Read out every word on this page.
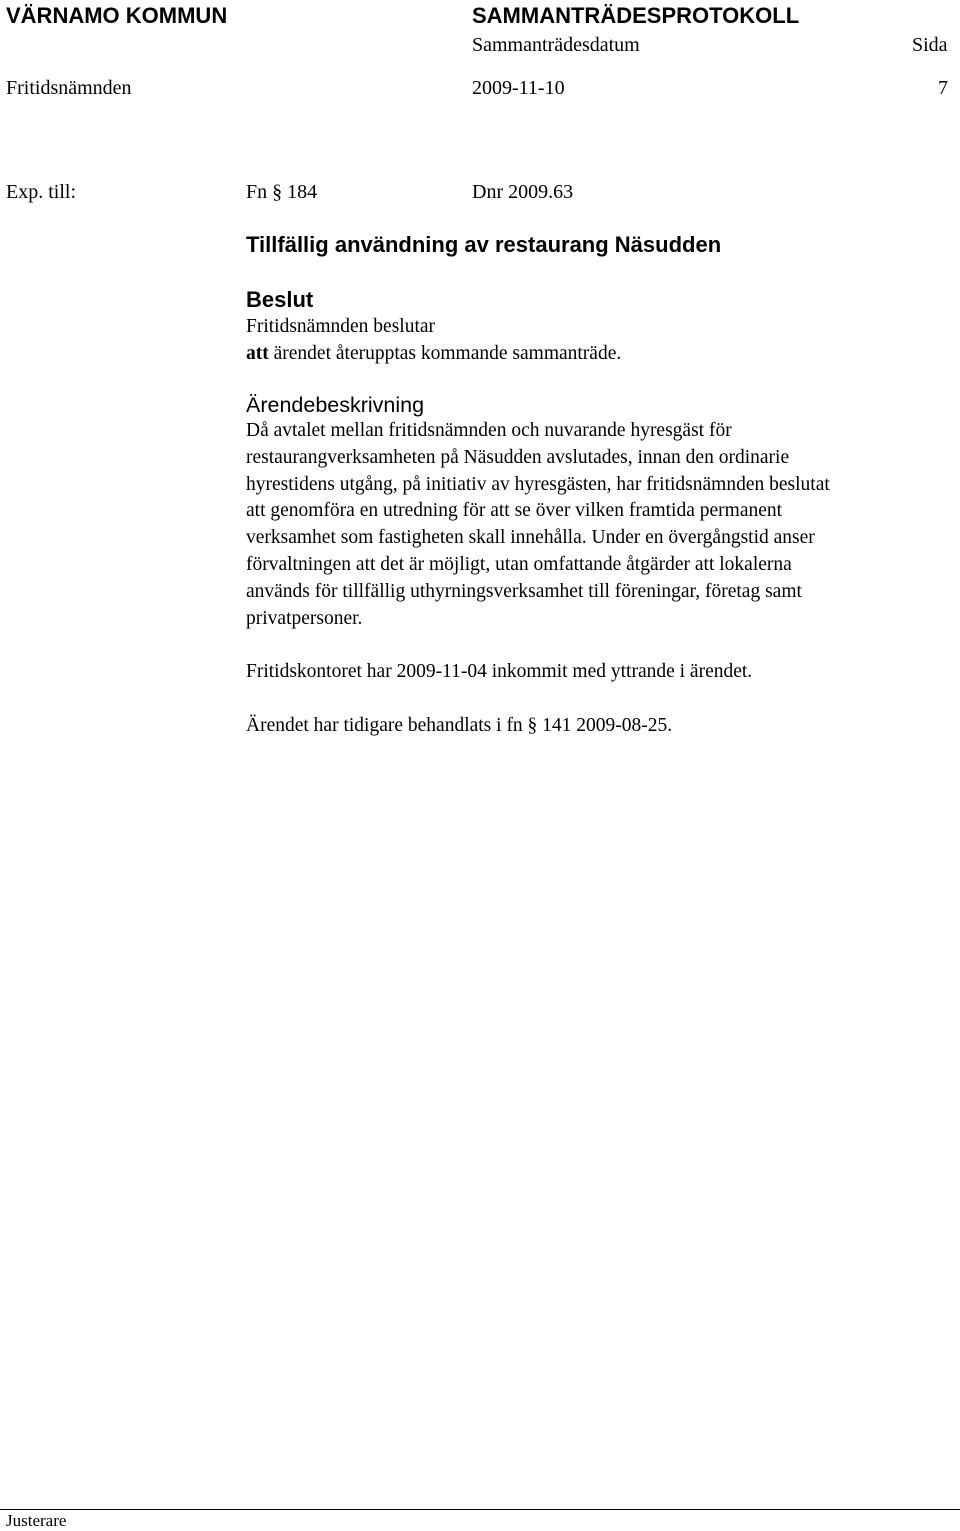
VÄRNAMO KOMMUN	SAMMANTRÄDESPROTOKOLL
Sammanträdesdatum	Sida
Fritidsnämnden	2009-11-10	7
Exp. till:	Fn § 184	Dnr 2009.63
Tillfällig användning av restaurang Näsudden
Beslut
Fritidsnämnden beslutar
att ärendet återupptas kommande sammanträde.
Ärendebeskrivning
Då avtalet mellan fritidsnämnden och nuvarande hyresgäst för
restaurangverksamheten på Näsudden avslutades, innan den ordinarie
hyrestidens utgång, på initiativ av hyresgästen, har fritidsnämnden beslutat
att genomföra en utredning för att se över vilken framtida permanent
verksamhet som fastigheten skall innehålla. Under en övergångstid anser
förvaltningen att det är möjligt, utan omfattande åtgärder att lokalerna
används för tillfällig uthyrningsverksamhet till föreningar, företag samt
privatpersoner.
Fritidskontoret har 2009-11-04 inkommit med yttrande i ärendet.
Ärendet har tidigare behandlats i fn § 141 2009-08-25.
Justerare
